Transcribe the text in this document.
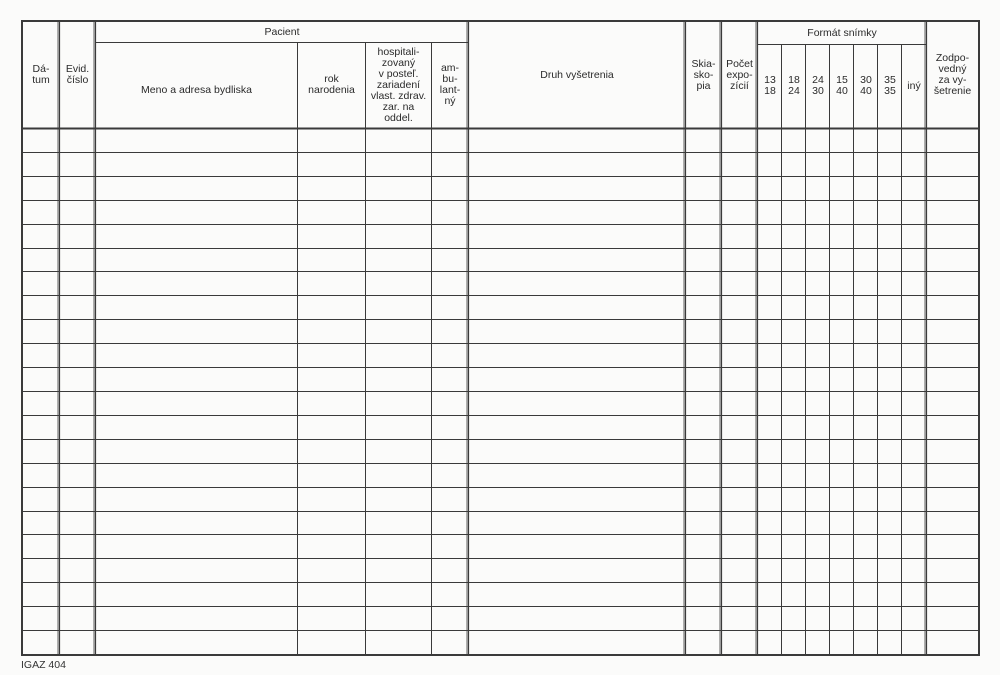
Dá-
tum
Evid.
číslo
Pacient
Meno a adresa bydliska
rok
narodenia
hospitali-
zovaný
v posteľ.
zariadení
vlast. zdrav.
zar. na
oddel.
am-
bu-
lant-
ný
Druh vyšetrenia
Skia-
sko-
pia
Počet
expo-
zícií
Formát snímky
13
18
18
24
24
30
15
40
30
40
35
35	iný
Zodpo-
vedný
za vy-
šetrenie
IGAZ 404
